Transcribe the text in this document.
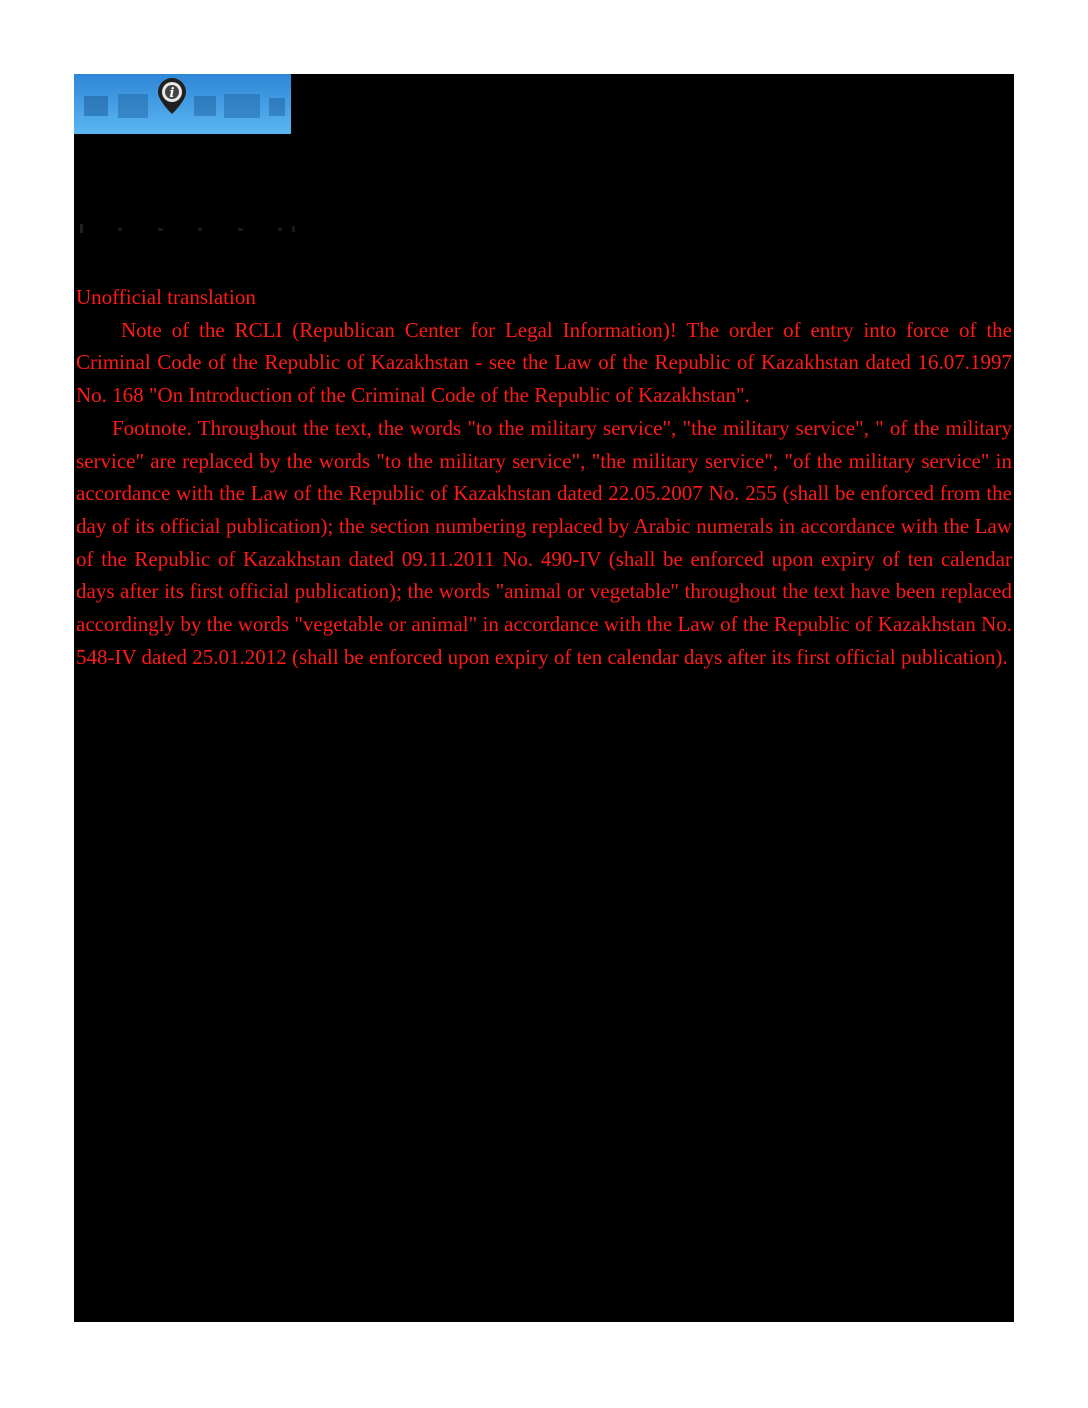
i
Unofficial translation

Note of the RCLI (Republican Center for Legal Information)! The order of entry into force of the Criminal Code of the Republic of Kazakhstan - see the Law of the Republic of Kazakhstan dated 16.07.1997 No. 168 "On Introduction of the Criminal Code of the Republic of Kazakhstan".

Footnote. Throughout the text, the words "to the military service", "the military service", " of the military service" are replaced by the words "to the military service", "the military service", "of the military service" in accordance with the Law of the Republic of Kazakhstan dated 22.05.2007 No. 255 (shall be enforced from the day of its official publication); the section numbering replaced by Arabic numerals in accordance with the Law of the Republic of Kazakhstan dated 09.11.2011 No. 490-IV (shall be enforced upon expiry of ten calendar days after its first official publication); the words "animal or vegetable" throughout the text have been replaced accordingly by the words "vegetable or animal" in accordance with the Law of the Republic of Kazakhstan No. 548-IV dated 25.01.2012 (shall be enforced upon expiry of ten calendar days after its first official publication).
